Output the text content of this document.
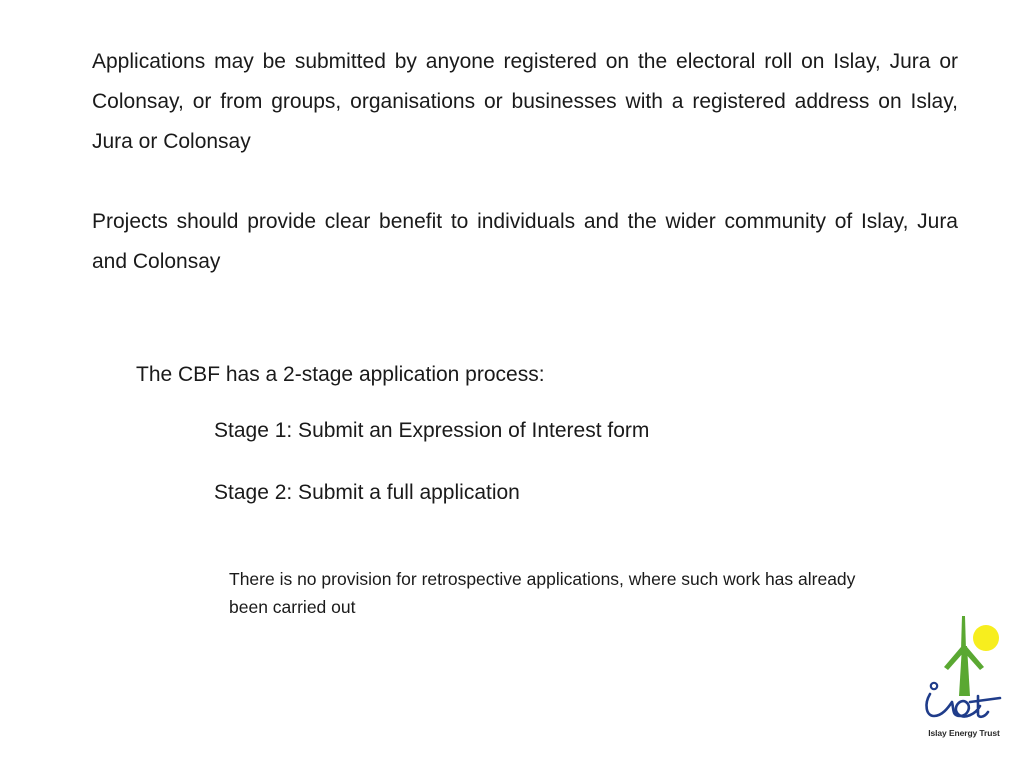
Applications may be submitted by anyone registered on the electoral roll on Islay, Jura or Colonsay, or from groups, organisations or businesses with a registered address on Islay, Jura or Colonsay

Projects should provide clear benefit to individuals and the wider community of Islay, Jura and Colonsay

The CBF has a 2-stage application process:

Stage 1: Submit an Expression of Interest form

Stage 2: Submit a full application

There is no provision for retrospective applications, where such work has already been carried out

Islay Energy Trust
